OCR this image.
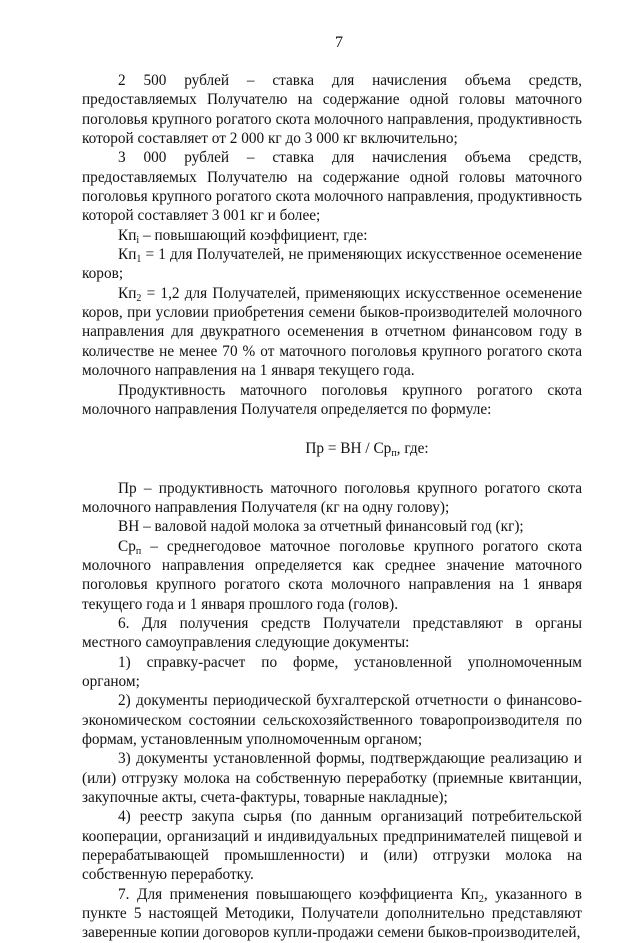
7

2 500 рублей – ставка для начисления объема средств, предоставляемых Получателю на содержание одной головы маточного поголовья крупного рогатого скота молочного направления, продуктивность которой составляет от 2 000 кг до 3 000 кг включительно;

3 000 рублей – ставка для начисления объема средств, предоставляемых Получателю на содержание одной головы маточного поголовья крупного рогатого скота молочного направления, продуктивность которой составляет 3 001 кг и более;

$Кп_i$ – повышающий коэффициент, где:

$Кп_1 = 1$ для Получателей, не применяющих искусственное осеменение коров;

$Кп_2 = 1,2$ для Получателей, применяющих искусственное осеменение коров, при условии приобретения семени быков-производителей молочного направления для двукратного осеменения в отчетном финансовом году в количестве не менее 70 % от маточного поголовья крупного рогатого скота молочного направления на 1 января текущего года.

Продуктивность маточного поголовья крупного рогатого скота молочного направления Получателя определяется по формуле:

Пр = ВН / $Ср_п$, где:

Пр – продуктивность маточного поголовья крупного рогатого скота молочного направления Получателя (кг на одну голову);

ВН – валовой надой молока за отчетный финансовый год (кг);

$Ср_п$ – среднегодовое маточное поголовье крупного рогатого скота молочного направления определяется как среднее значение маточного поголовья крупного рогатого скота молочного направления на 1 января текущего года и 1 января прошлого года (голов).

6. Для получения средств Получатели представляют в органы местного самоуправления следующие документы:

1) справку-расчет по форме, установленной уполномоченным органом;

2) документы периодической бухгалтерской отчетности о финансово-экономическом состоянии сельскохозяйственного товаропроизводителя по формам, установленным уполномоченным органом;

3) документы установленной формы, подтверждающие реализацию и (или) отгрузку молока на собственную переработку (приемные квитанции, закупочные акты, счета-фактуры, товарные накладные);

4) реестр закупа сырья (по данным организаций потребительской кооперации, организаций и индивидуальных предпринимателей пищевой и перерабатывающей промышленности) и (или) отгрузки молока на собственную переработку.

7. Для применения повышающего коэффициента $Кп_2$, указанного в пункте 5 настоящей Методики, Получатели дополнительно представляют заверенные копии договоров купли-продажи семени быков-производителей,
